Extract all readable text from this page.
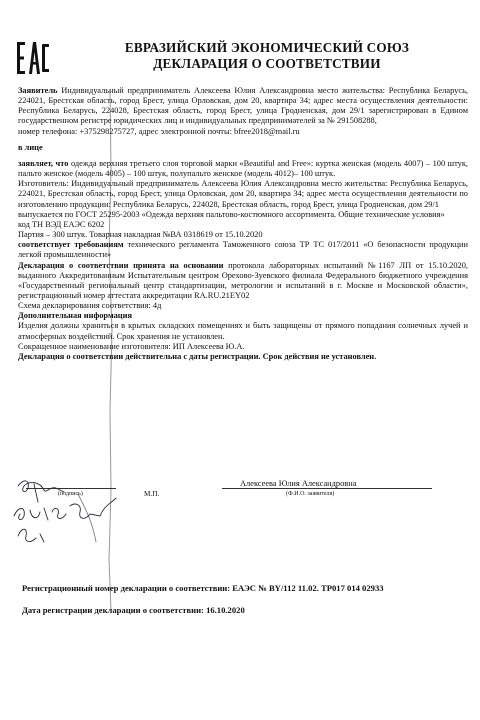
ЕВРАЗИЙСКИЙ ЭКОНОМИЧЕСКИЙ СОЮЗ
ДЕКЛАРАЦИЯ О СООТВЕТСТВИИ

Заявитель Индивидуальный предприниматель Алексеева Юлия Александровна место жительства: Республика Беларусь, 224021, Брестская область, город Брест, улица Орловская, дом 20, квартира 34; адрес места осуществления деятельности: Республика Беларусь, 224028, Брестская область, город Брест, улица Гродненская, дом 29/1 зарегистрирован в Едином государственном регистре юридических лиц и индивидуальных предпринимателей за № 291508288,

номер телефона: +375298275727, адрес электронной почты: bfree2018@mail.ru

в лице

заявляет, что одежда верхняя третьего слоя торговой марки «Beautiful and Free»: куртка женская (модель 4007) – 100 штук, пальто женское (модель 4005) – 100 штук, полупальто женское (модель 4012)– 100 штук.

Изготовитель: Индивидуальный предприниматель Алексеева Юлия Александровна место жительства: Республика Беларусь, 224021, Брестская область, город Брест, улица Орловская, дом 20, квартира 34; адрес места осуществления деятельности по изготовлению продукции: Республика Беларусь, 224028, Брестская область, город Брест, улица Гродненская, дом 29/1

выпускается по ГОСТ 25295-2003 «Одежда верхняя пальтово-костюмного ассортимента. Общие технические условия»

код ТН ВЭД ЕАЭС 6202

Партия – 300 штук. Товарная накладная №ВА 0318619 от 15.10.2020

соответствует требованиям технического регламента Таможенного союза ТР ТС 017/2011 «О безопасности продукции легкой промышленности»

Декларация о соответствии принята на основании протокола лабораторных испытаний №1167 ЛП от 15.10.2020, выданного Аккредитованным Испытательным центром Орехово-Зуевского филиала Федерального бюджетного учреждения «Государственный региональный центр стандартизации, метрологии и испытаний в г. Москве и Московской области», регистрационный номер аттестата аккредитации RA.RU.21EY02

Схема декларирования соответствия: 4д

Дополнительная информация

Изделия должны храниться в крытых складских помещениях и быть защищены от прямого попадания солнечных лучей и атмосферных воздействий. Срок хранения не установлен.

Сокращенное наименование изготовителя: ИП Алексеева Ю.А.

Декларация о соответствии действительна с даты регистрации. Срок действия не установлен.

(подпись)	М.П.
Алексеева Юлия Александровна
(Ф.И.О. заявителя)
Регистрационный номер декларации о соответствии: ЕАЭС № BY/112 11.02. ТР017 014 02933
Дата регистрации декларации о соответствии: 16.10.2020
